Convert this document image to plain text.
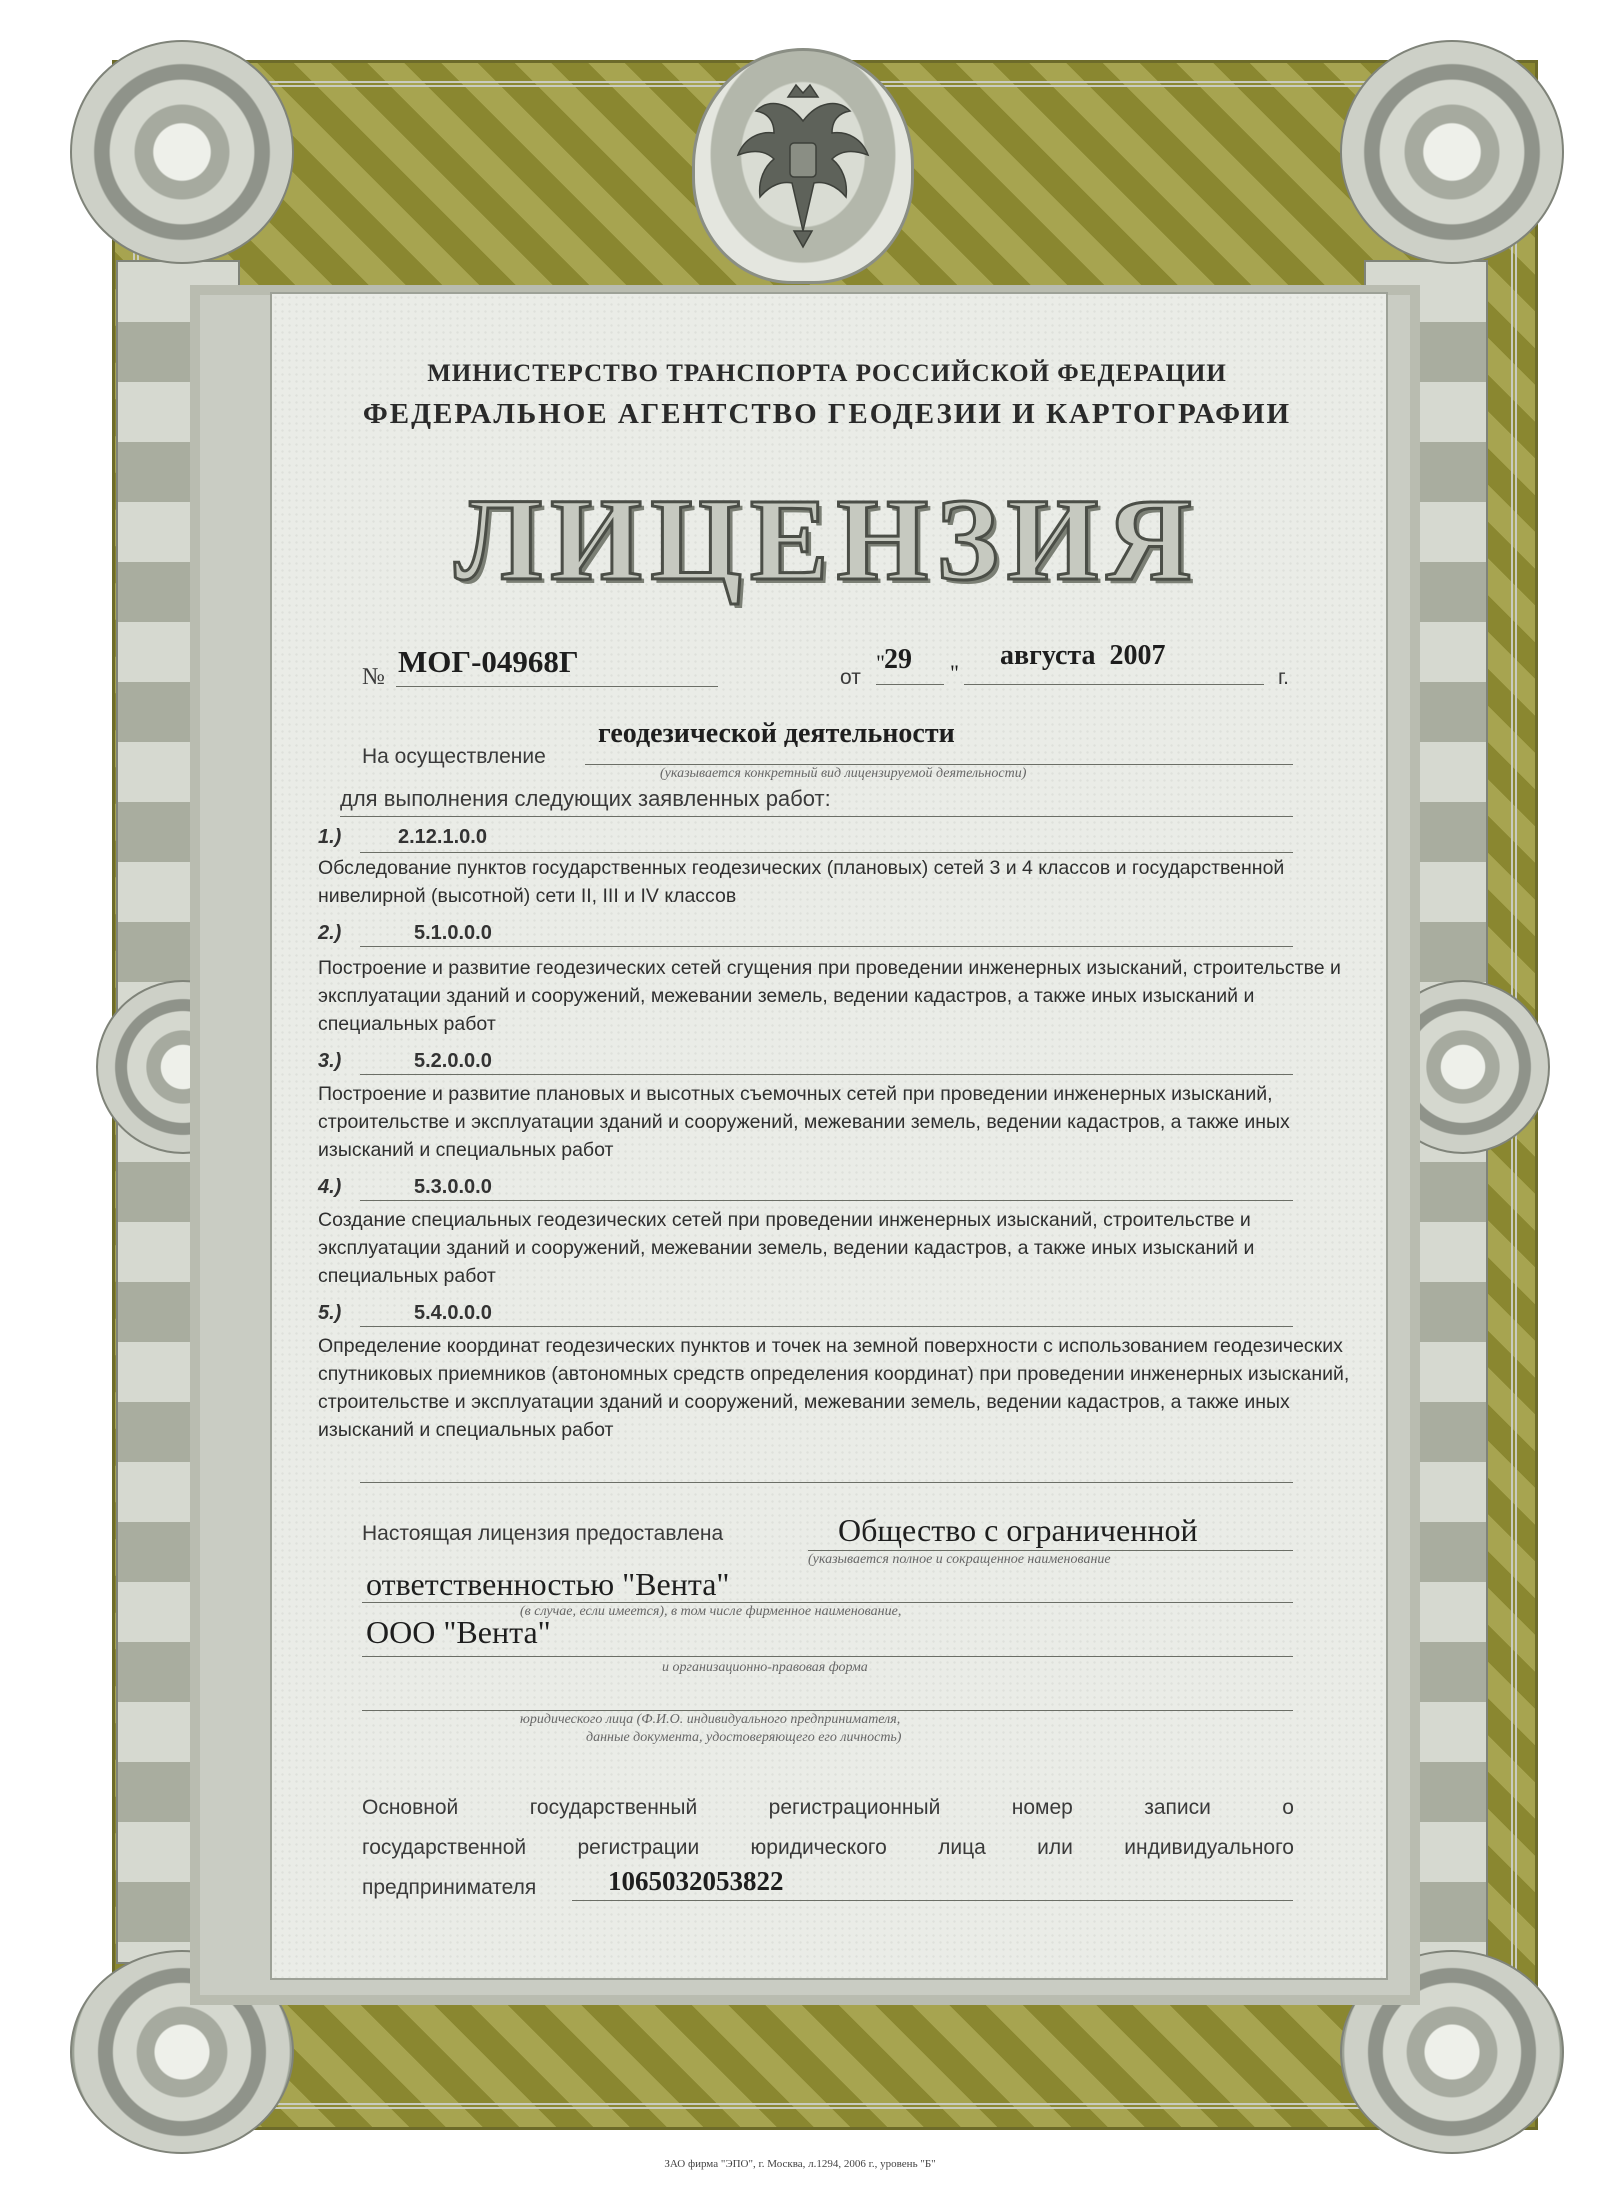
МИНИСТЕРСТВО ТРАНСПОРТА РОССИЙСКОЙ ФЕДЕРАЦИИ
ФЕДЕРАЛЬНОЕ АГЕНТСТВО ГЕОДЕЗИИ И КАРТОГРАФИИ
ЛИЦЕНЗИЯ
№ МОГ-04968Г	от
" 29 "
августа  2007
г.
На осуществление
геодезической деятельности
(указывается конкретный вид лицензируемой деятельности)
для выполнения следующих заявленных работ:
1.)	2.12.1.0.0
Обследование пунктов государственных геодезических (плановых) сетей 3 и 4 классов и государственной нивелирной (высотной) сети II, III и IV классов
2.)	5.1.0.0.0
Построение и развитие геодезических сетей сгущения при проведении инженерных изысканий, строительстве и эксплуатации зданий и сооружений, межевании земель, ведении кадастров, а также иных изысканий и специальных работ
3.)	5.2.0.0.0
Построение и развитие плановых и высотных съемочных сетей при проведении инженерных изысканий, строительстве и эксплуатации зданий и сооружений, межевании земель, ведении кадастров, а также иных изысканий и специальных работ
4.)	5.3.0.0.0
Создание специальных геодезических сетей при проведении инженерных изысканий, строительстве и эксплуатации зданий и сооружений, межевании земель, ведении кадастров, а также иных изысканий и специальных работ
5.)	5.4.0.0.0
Определение координат геодезических пунктов и точек на земной поверхности с использованием геодезических спутниковых приемников (автономных средств определения координат) при проведении инженерных изысканий, строительстве и эксплуатации зданий и сооружений, межевании земель, ведении кадастров, а также иных изысканий и специальных работ
Настоящая лицензия предоставлена	Общество с ограниченной
(указывается полное и сокращенное наименование
ответственностью "Вента"
(в случае, если имеется), в том числе фирменное наименование,
ООО "Вента"
и организационно-правовая форма
юридического лица (Ф.И.О. индивидуального предпринимателя,
данные документа, удостоверяющего его личность)
Основной государственный регистрационный номер записи о
государственной регистрации юридического лица или индивидуального
предпринимателя	1065032053822
ЗАО фирма "ЭПО", г. Москва, л.1294, 2006 г., уровень "Б"
